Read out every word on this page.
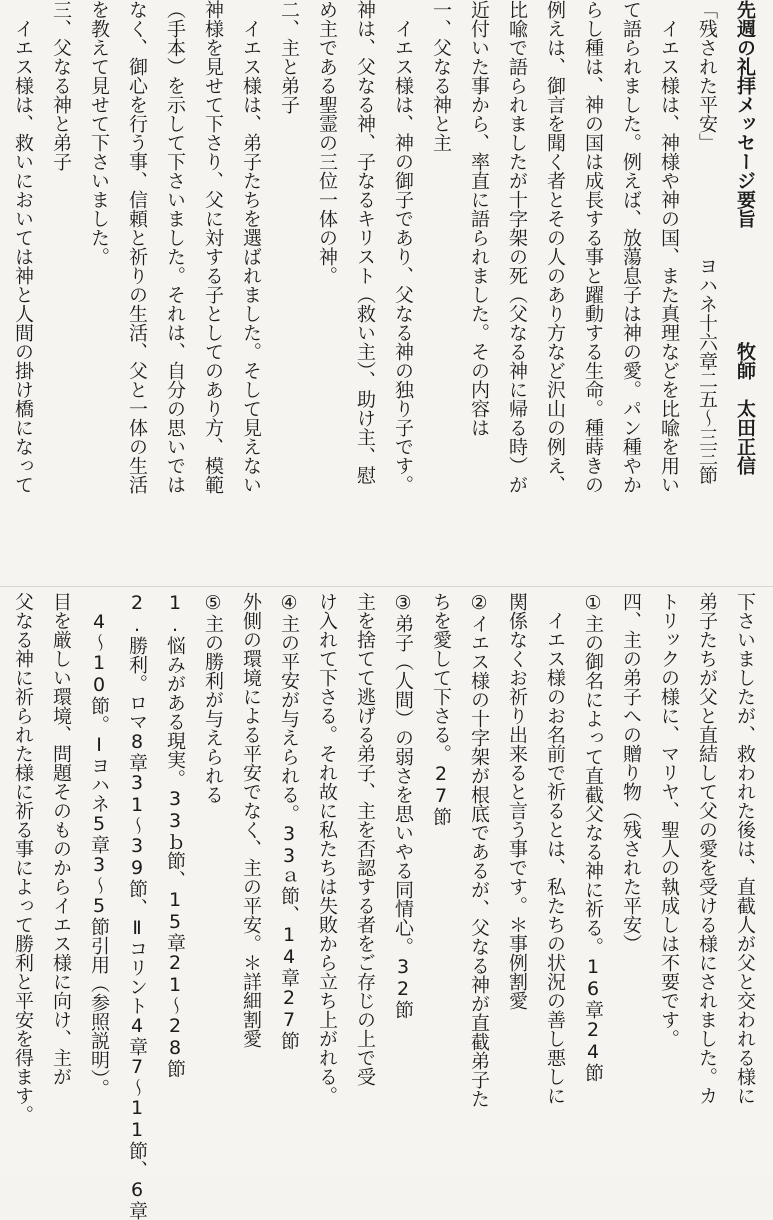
先週の礼拝メッセージ要旨　　　　　　牧師　太田正信
「残された平安」　　　　　　ヨハネ十六章二五～三三節
　イエス様は、神様や神の国、また真理などを比喩を用い
て語られました。例えば、放蕩息子は神の愛。パン種やか
らし種は、神の国は成長する事と躍動する生命。種蒔きの
例えは、御言を聞く者とその人のあり方など沢山の例え、
比喩で語られましたが十字架の死（父なる神に帰る時）が
近付いた事から、率直に語られました。その内容は
一、父なる神と主
　イエス様は、神の御子であり、父なる神の独り子です。
神は、父なる神、子なるキリスト（救い主）、助け主、慰
め主である聖霊の三位一体の神。
二、主と弟子
　イエス様は、弟子たちを選ばれました。そして見えない
神様を見せて下さり、父に対する子としてのあり方、模範
（手本）を示して下さいました。それは、自分の思いでは
なく、御心を行う事、信頼と祈りの生活、父と一体の生活
を教えて見せて下さいました。
三、父なる神と弟子
　イエス様は、救いにおいては神と人間の掛け橋になって
下さいましたが、救われた後は、直截人が父と交われる様に
弟子たちが父と直結して父の愛を受ける様にされました。カ
トリックの様に、マリヤ、聖人の執成しは不要です。
四、主の弟子への贈り物（残された平安）
①主の御名によって直截父なる神に祈る。16章24節
　イエス様のお名前で祈るとは、私たちの状況の善し悪しに
関係なくお祈り出来ると言う事です。＊事例割愛
②イエス様の十字架が根底であるが、父なる神が直截弟子た
ちを愛して下さる。27節
③弟子（人間）の弱さを思いやる同情心。32節
主を捨てて逃げる弟子、主を否認する者をご存じの上で受
け入れて下さる。それ故に私たちは失敗から立ち上がれる。
④主の平安が与えられる。33ａ節、14章27節
外側の環境による平安でなく、主の平安。＊詳細割愛
⑤主の勝利が与えられる
1.悩みがある現実。33ｂ節、15章21～28節
2.勝利。ロマ8章31～39節、Ⅱコリント4章7～11節、6章
　4～10節。Ⅰヨハネ5章3～5節引用（参照説明）。
目を厳しい環境、問題そのものからイエス様に向け、主が
父なる神に祈られた様に祈る事によって勝利と平安を得ます。
